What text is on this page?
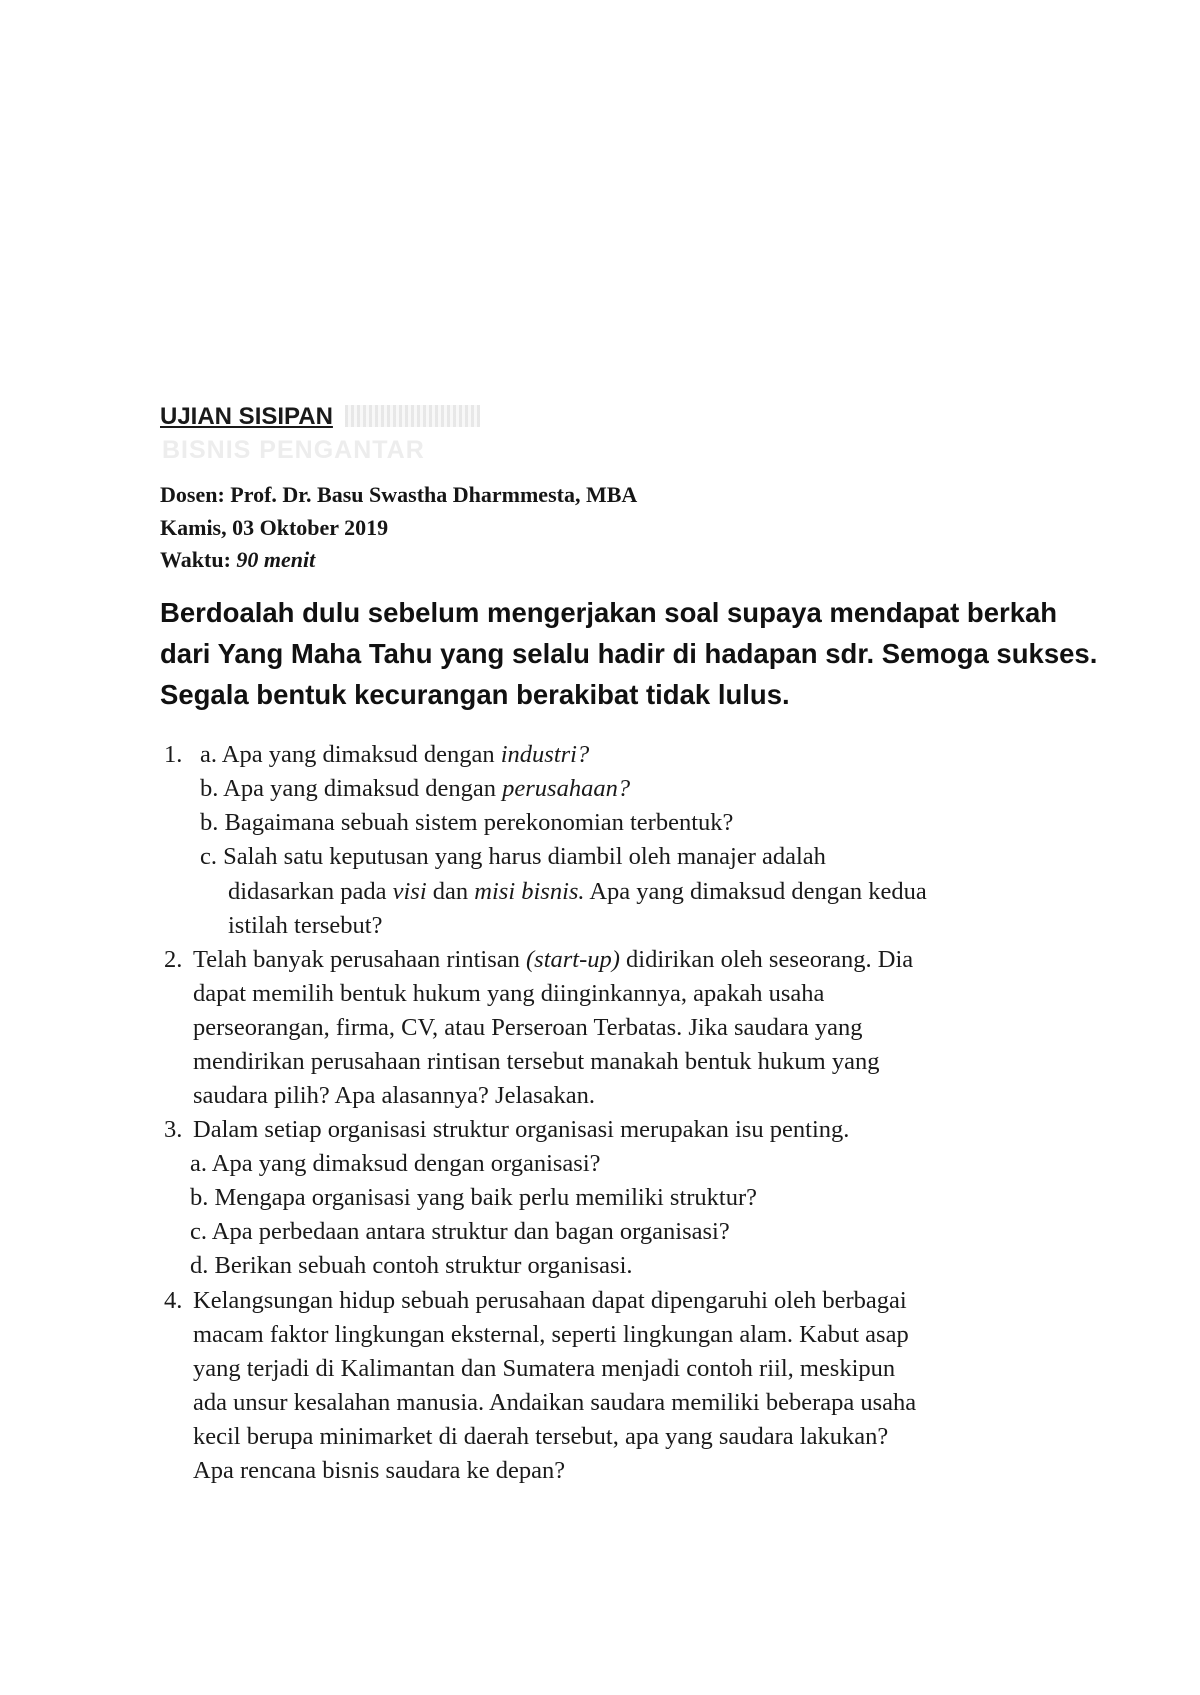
UJIAN SISIPAN
BISNIS PENGANTAR
Dosen: Prof. Dr. Basu Swastha Dharmmesta, MBA
Kamis, 03 Oktober 2019
Waktu: 90 menit
Berdoalah dulu sebelum mengerjakan soal supaya mendapat berkah dari Yang Maha Tahu yang selalu hadir di hadapan sdr. Semoga sukses. Segala bentuk kecurangan berakibat tidak lulus.
1. a. Apa yang dimaksud dengan industri?
b. Apa yang dimaksud dengan perusahaan?
b. Bagaimana sebuah sistem perekonomian terbentuk?
c. Salah satu keputusan yang harus diambil oleh manajer adalah
didasarkan pada visi dan misi bisnis. Apa yang dimaksud dengan kedua
istilah tersebut?
2. Telah banyak perusahaan rintisan (start-up) didirikan oleh seseorang. Dia
dapat memilih bentuk hukum yang diinginkannya, apakah usaha
perseorangan, firma, CV, atau Perseroan Terbatas. Jika saudara yang
mendirikan perusahaan rintisan tersebut manakah bentuk hukum yang
saudara pilih? Apa alasannya? Jelasakan.
3. Dalam setiap organisasi struktur organisasi merupakan isu penting.
a. Apa yang dimaksud dengan organisasi?
b. Mengapa organisasi yang baik perlu memiliki struktur?
c. Apa perbedaan antara struktur dan bagan organisasi?
d. Berikan sebuah contoh struktur organisasi.
4. Kelangsungan hidup sebuah perusahaan dapat dipengaruhi oleh berbagai
macam faktor lingkungan eksternal, seperti lingkungan alam. Kabut asap
yang terjadi di Kalimantan dan Sumatera menjadi contoh riil, meskipun
ada unsur kesalahan manusia. Andaikan saudara memiliki beberapa usaha
kecil berupa minimarket di daerah tersebut, apa yang saudara lakukan?
Apa rencana bisnis saudara ke depan?
